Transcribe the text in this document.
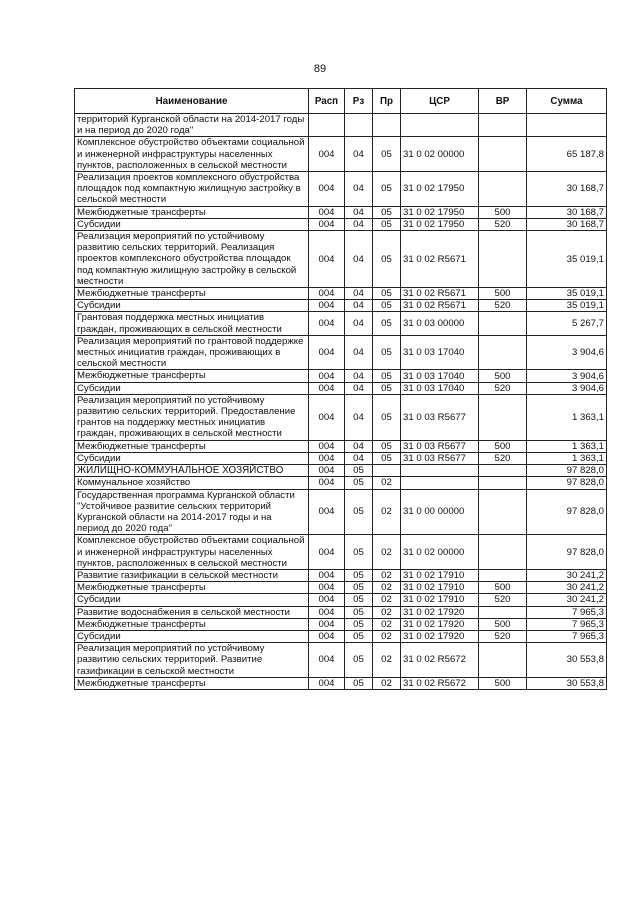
89
Наименование	Расп	Рз	Пр	ЦСР	ВР	Сумма
территорий Курганской области на 2014-2017 годы и на период до 2020 года"						
Комплексное обустройство объектами социальной и инженерной инфраструктуры населенных пунктов, расположенных в сельской местности	004	04	05	31 0 02 00000		65 187,8
Реализация проектов комплексного обустройства площадок под компактную жилищную застройку в сельской местности	004	04	05	31 0 02 17950		30 168,7
Межбюджетные трансферты	004	04	05	31 0 02 17950	500	30 168,7
Субсидии	004	04	05	31 0 02 17950	520	30 168,7
Реализация мероприятий по устойчивому развитию сельских территорий. Реализация проектов комплексного обустройства площадок под компактную жилищную застройку в сельской местности	004	04	05	31 0 02 R5671		35 019,1
Межбюджетные трансферты	004	04	05	31 0 02 R5671	500	35 019,1
Субсидии	004	04	05	31 0 02 R5671	520	35 019,1
Грантовая поддержка местных инициатив граждан, проживающих в сельской местности	004	04	05	31 0 03 00000		5 267,7
Реализация мероприятий по грантовой поддержке местных инициатив граждан, проживающих в сельской местности	004	04	05	31 0 03 17040		3 904,6
Межбюджетные трансферты	004	04	05	31 0 03 17040	500	3 904,6
Субсидии	004	04	05	31 0 03 17040	520	3 904,6
Реализация мероприятий по устойчивому развитию сельских территорий. Предоставление грантов на поддержку местных инициатив граждан, проживающих в сельской местности	004	04	05	31 0 03 R5677		1 363,1
Межбюджетные трансферты	004	04	05	31 0 03 R5677	500	1 363,1
Субсидии	004	04	05	31 0 03 R5677	520	1 363,1
ЖИЛИЩНО-КОММУНАЛЬНОЕ ХОЗЯЙСТВО	004	05				97 828,0
Коммунальное хозяйство	004	05	02			97 828,0
Государственная программа Курганской области "Устойчивое развитие сельских территорий Курганской области на 2014-2017 годы и на период до 2020 года"	004	05	02	31 0 00 00000		97 828,0
Комплексное обустройство объектами социальной и инженерной инфраструктуры населенных пунктов, расположенных в сельской местности	004	05	02	31 0 02 00000		97 828,0
Развитие газификации в сельской местности	004	05	02	31 0 02 17910		30 241,2
Межбюджетные трансферты	004	05	02	31 0 02 17910	500	30 241,2
Субсидии	004	05	02	31 0 02 17910	520	30 241,2
Развитие водоснабжения в сельской местности	004	05	02	31 0 02 17920		7 965,3
Межбюджетные трансферты	004	05	02	31 0 02 17920	500	7 965,3
Субсидии	004	05	02	31 0 02 17920	520	7 965,3
Реализация мероприятий по устойчивому развитию сельских территорий. Развитие газификации в сельской местности	004	05	02	31 0 02 R5672		30 553,8
Межбюджетные трансферты	004	05	02	31 0 02 R5672	500	30 553,8
